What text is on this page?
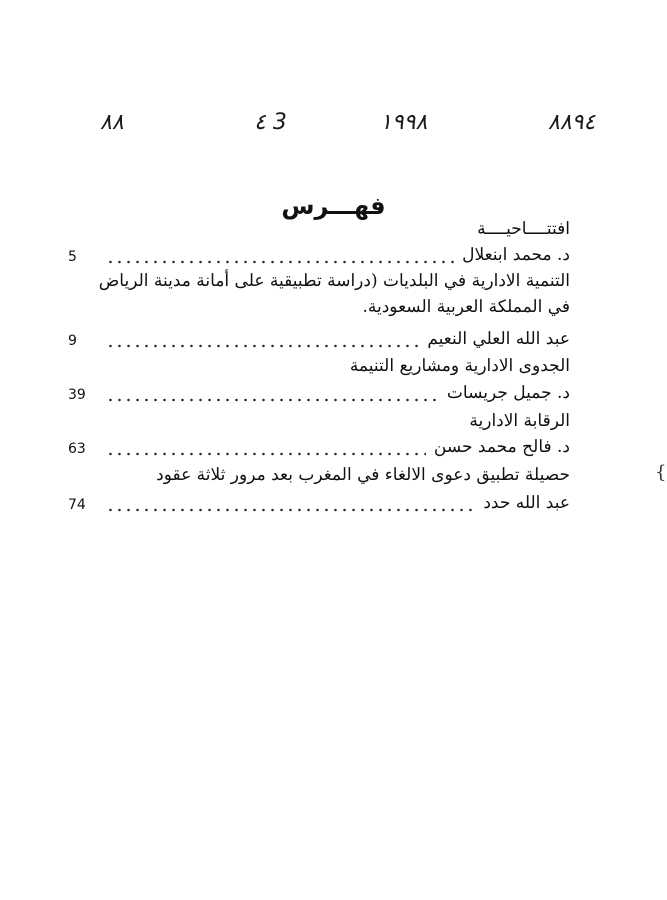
٨٨	٤ 3	١٩٩٨	٨٨٩٤
فهـــرس
افتتــــاحيــــة
5	د. محمد ابنعلال
التنمية الادارية في البلديات (دراسة تطبيقية على أمانة مدينة الرياض في المملكة العربية السعودية.
9	عبد الله العلي النعيم
الجدوى الادارية ومشاريع التنيمة
39	د. جميل جريسات
الرقابة الادارية
63	د. فالح محمد حسن
حصيلة تطبيق دعوى الالغاء في المغرب بعد مرور ثلاثة عقود
74	عبد الله حدد
{
